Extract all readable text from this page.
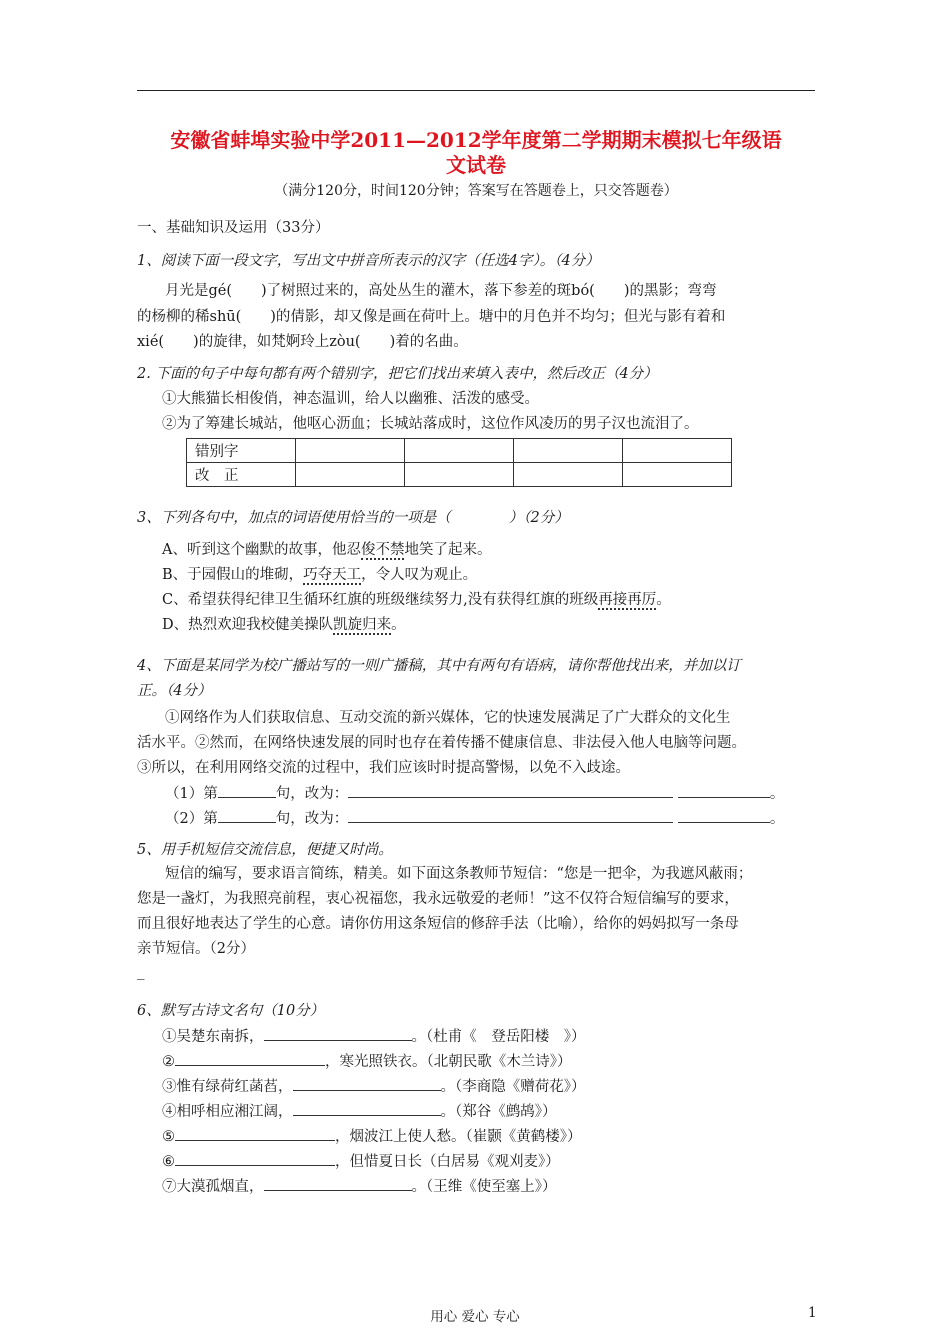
安徽省蚌埠实验中学2011—2012学年度第二学期期末模拟七年级语
文试卷
（满分120分，时间120分钟；答案写在答题卷上，只交答题卷）
一、基础知识及运用（33分）
1、阅读下面一段文字，写出文中拼音所表示的汉字（任选4字）。（4分）
月光是gé(　　)了树照过来的，高处丛生的灌木，落下参差的斑bó(　　)的黑影；弯弯
的杨柳的稀shū(　　)的倩影，却又像是画在荷叶上。塘中的月色并不均匀；但光与影有着和
xié(　　)的旋律，如梵婀玲上zòu(　　)着的名曲。
2. 下面的句子中每句都有两个错别字，把它们找出来填入表中，然后改正（4分）
①大熊猫长相俊俏，神态温训，给人以幽雅、活泼的感受。
②为了筹建长城站，他呕心沥血；长城站落成时，这位作风凌历的男子汉也流泪了。
错别字				
改　正				
3、下列各句中，加点的词语使用恰当的一项是（　　　　）（2分）
A、听到这个幽默的故事，他忍俊不禁地笑了起来。
B、于园假山的堆砌，巧夺天工，令人叹为观止。
C、希望获得纪律卫生循环红旗的班级继续努力,没有获得红旗的班级再接再厉。
D、热烈欢迎我校健美操队凯旋归来。
4、下面是某同学为校广播站写的一则广播稿，其中有两句有语病，请你帮他找出来，并加以订
正。（4分）
①网络作为人们获取信息、互动交流的新兴媒体，它的快速发展满足了广大群众的文化生
活水平。②然而，在网络快速发展的同时也存在着传播不健康信息、非法侵入他人电脑等问题。
③所以，在利用网络交流的过程中，我们应该时时提高警惕，以免不入歧途。
（1）第	句，改为：	。
（2）第	句，改为：	。
5、用手机短信交流信息，便捷又时尚。
短信的编写，要求语言简练，精美。如下面这条教师节短信：“您是一把伞，为我遮风蔽雨；
您是一盏灯，为我照亮前程，衷心祝福您，我永远敬爱的老师！”这不仅符合短信编写的要求，
而且很好地表达了学生的心意。请你仿用这条短信的修辞手法（比喻），给你的妈妈拟写一条母
亲节短信。（2分）
_
6、默写古诗文名句（10分）
①吴楚东南拆，	。（杜甫《　登岳阳楼　》）
②	，寒光照铁衣。（北朝民歌《木兰诗》）
③惟有绿荷红菡萏，	。（李商隐《赠荷花》）
④相呼相应湘江阔，	。（郑谷《鹧鸪》）
⑤	，烟波江上使人愁。（崔颢《黄鹤楼》）
⑥	，但惜夏日长（白居易《观刈麦》）
⑦大漠孤烟直，	。（王维《使至塞上》）
用心 爱心 专心	1
